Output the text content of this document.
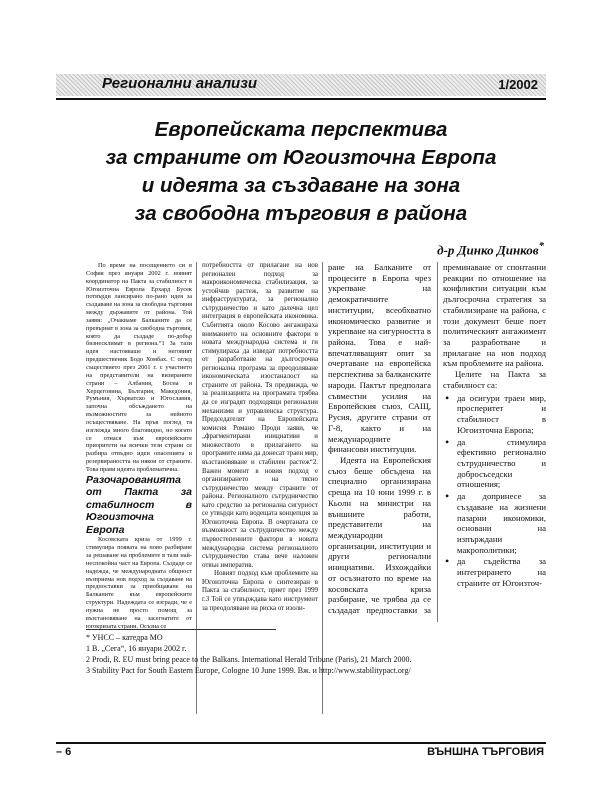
Регионални анализи	1/2002
Европейската перспектива
за страните от Югоизточна Европа
и идеята за създаване на зона
за свободна търговия в района
д-р Динко Динков*

По време на посещението си в София през януари 2002 г. новият координатор на Пакта за стабилност в Югоизточна Европа Ерхард Бусек потвърди лансирано по-рано идея за създаване на зона за свободна търговия между държавите от района. Той заяви: „Очакваме Балканите да се превърнат в зона за свободна търговия, която да създаде по-добър бизнесклимат в региона.“1 За тази идея настояваше и неговият предшественик Бодо Хомбах. С оглед съществието през 2001 г. с участието на представители на визираните страни – Албания, Босна и Херцеговина, България, Македония, Румъния, Хърватско и Югославия, започна обсъждането на възможностите за нейното осъществяване. На пръв поглед тя изглежда много благовидно, но когато се отнася към европейските приоритети на всички тези страни се разбира отвъдно идеи опасенията и резервираността на някои от страните. Това прави идеята проблематична.

Разочарованията от Пакта за стабилност в Югоизточна Европа

Косовската криза от 1999 г. стимулира появата на ново разбиране за решаване на проблемите в тази най-неспокойна част на Европа. Създаде се надежда, че международната общност възприема нов подход за създаване на предпоставки за приобщаване на Балканите към европейските структури. Надеждата се изгради, че е нужна не просто помощ за възстановяване на засегнатите от югокризата страни. Осъзна се

потребността от прилагане на нов регионален подход за макроикономическа стабилизация, за устойчив растеж, за развитие на инфраструктурата, за регионално сътрудничество и като далечна цел интеграция в европейската икономика. Събитията около Косово ангажираха вниманието на основните фактори в новата международна система и ги стимулираха да изведат потребността от разработване на дългосрочна регионална програма за преодоляване икономическата изостаналост на страните от района. Тя предвижда, че за реализацията на програмата трябва да се изградят подходящи регионални механизми и управленска структура. Председателят на Европейската комисия Романо Проди заяви, че „фрагментирани инициативи и множеството в прилагането на програмите няма да донесат траен мир, възстановяване и стабилен растеж“2. Важен момент в новия подход е организирането на тясно сътрудничество между страните от района. Регионалното сътрудничество като средство за регионална сигурност се утвърди като водещата концепция за Югоизточна Европа. В очертаната се възможност за сътрудничество между първостепенните фактори в новата международна система регионалното сътрудничество става вече наложен отвън императив.

Новият подход към проблемите на Югоизточна Европа е синтезиран в Пакта за стабилност, приет през 1999 г.3 Той се утвърждава като инструмент за преодоляване на риска от изоли-

ране на Балканите от процесите в Европа чрез укрепване на демократичните институции, всеобхватно икономическо развитие и укрепване на сигурността в района. Това е най-впечатляващият опит за очертаване на европейска перспектива за балканските народи. Пактът предполага съвместни усилия на Европейския съюз, САЩ, Русия, другите страни от Г-8, както и на международните финансови институции.

Идеята на Европейския съюз беше обсъдена на специално организирана среща на 10 юни 1999 г. в Кьолн на министри на външните работи, представители на международни организации, институции и други регионални инициативи. Изхождайки от осъзнатото по време на косовската криза разбиране, че трябва да се създадат предпоставки за преминаване от спонтанни реакции по отношение на конфликтни ситуации към дългосрочна стратегия за стабилизиране на района, с този документ беше поет политическият ангажимент за разработване и прилагане на нов подход към проблемите на района.

Целите на Пакта за стабилност са:

• да осигури траен мир, просперитет и стабилност в Югоизточна Европа;
• да стимулира ефективно регионално сътрудничество и добросъседски отношения;
• да допринесе за създаване на жизнени пазарни икономики, основани на изпърждани макрополитики;
• да съдейства за интегрирането на страните от Югоизточ-
* УНСС – катедра МО
1 В. „Сега“, 16 януари 2002 г.
2 Prodi, R. EU must bring peace to the Balkans. International Herald Tribune (Paris), 21 March 2000.
3 Stability Pact for South Eastern Europe, Cologne 10 June 1999. Вж. и http://www.stabilitypact.org/
– 6	ВЪНШНА ТЪРГОВИЯ
